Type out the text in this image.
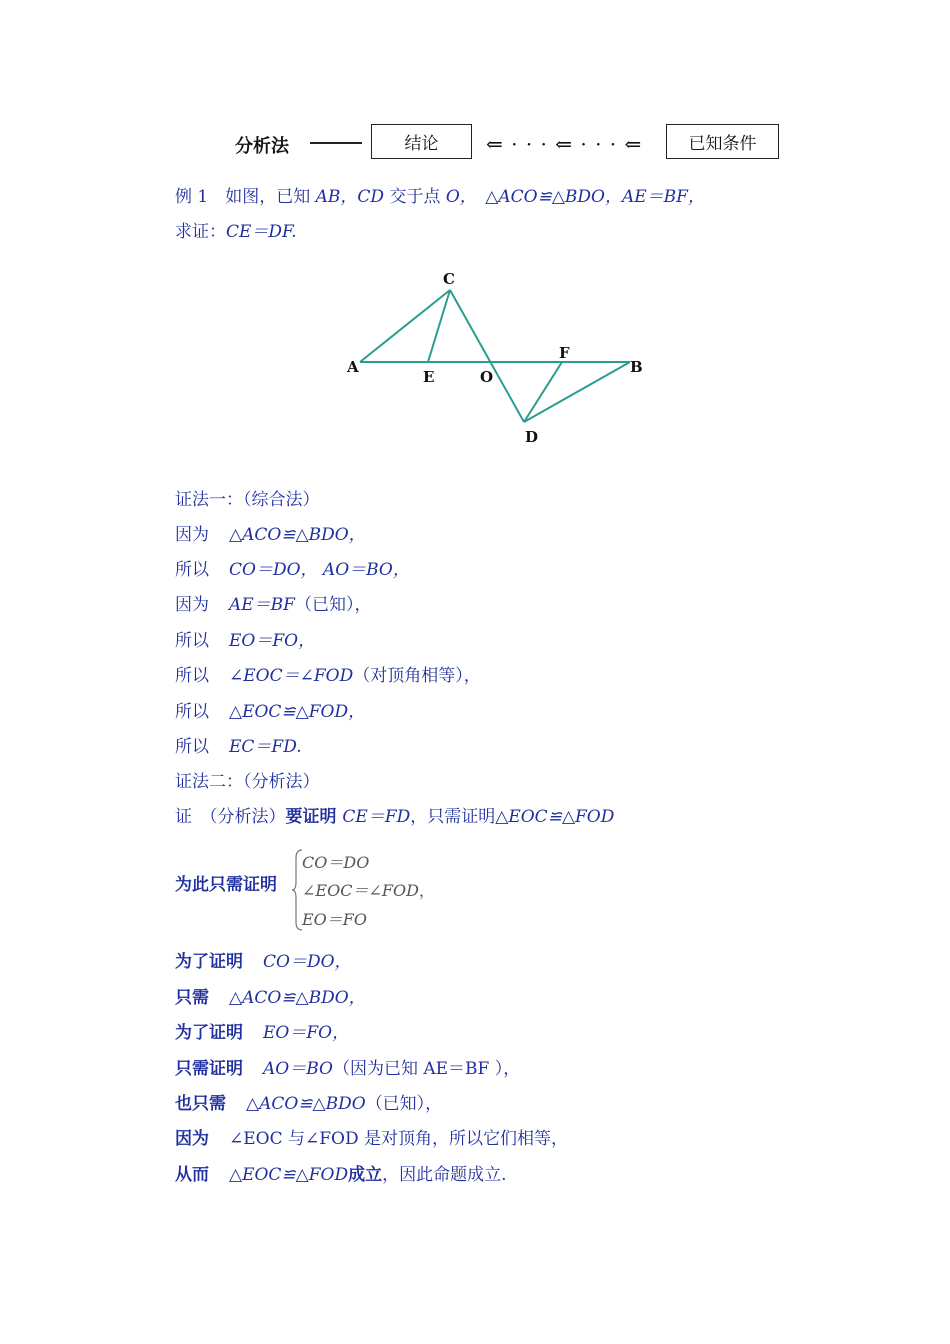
分析法	结论 ⇐ · · · ⇐ · · · ⇐	已知条件
例 1　如图，已知 AB，CD 交于点 O，　 △ACO≌△BDO，AE＝BF，
求证：CE＝DF.
C
A
E	O
F
B
D
证法一：（综合法）
因为 △ACO≌△BDO，
所以 CO＝DO， AO＝BO，
因为 AE＝BF（已知），
所以 EO＝FO，
所以 ∠EOC＝∠FOD（对顶角相等），
所以 △EOC≌△FOD，
所以 EC＝FD.
证法二：（分析法）
证　（分析法）要证明 CE＝FD，只需证明△EOC≌△FOD
为此只需证明
CO＝DO
∠EOC＝∠FOD，
EO＝FO
为了证明 CO＝DO，
只需 △ACO≌△BDO，
为了证明 EO＝FO，
只需证明 AO＝BO（因为已知 AE＝BF ），
也只需 △ACO≌△BDO（已知），
因为 ∠EOC 与∠FOD 是对顶角，所以它们相等，
从而 △EOC≌△FOD成立，因此命题成立.
